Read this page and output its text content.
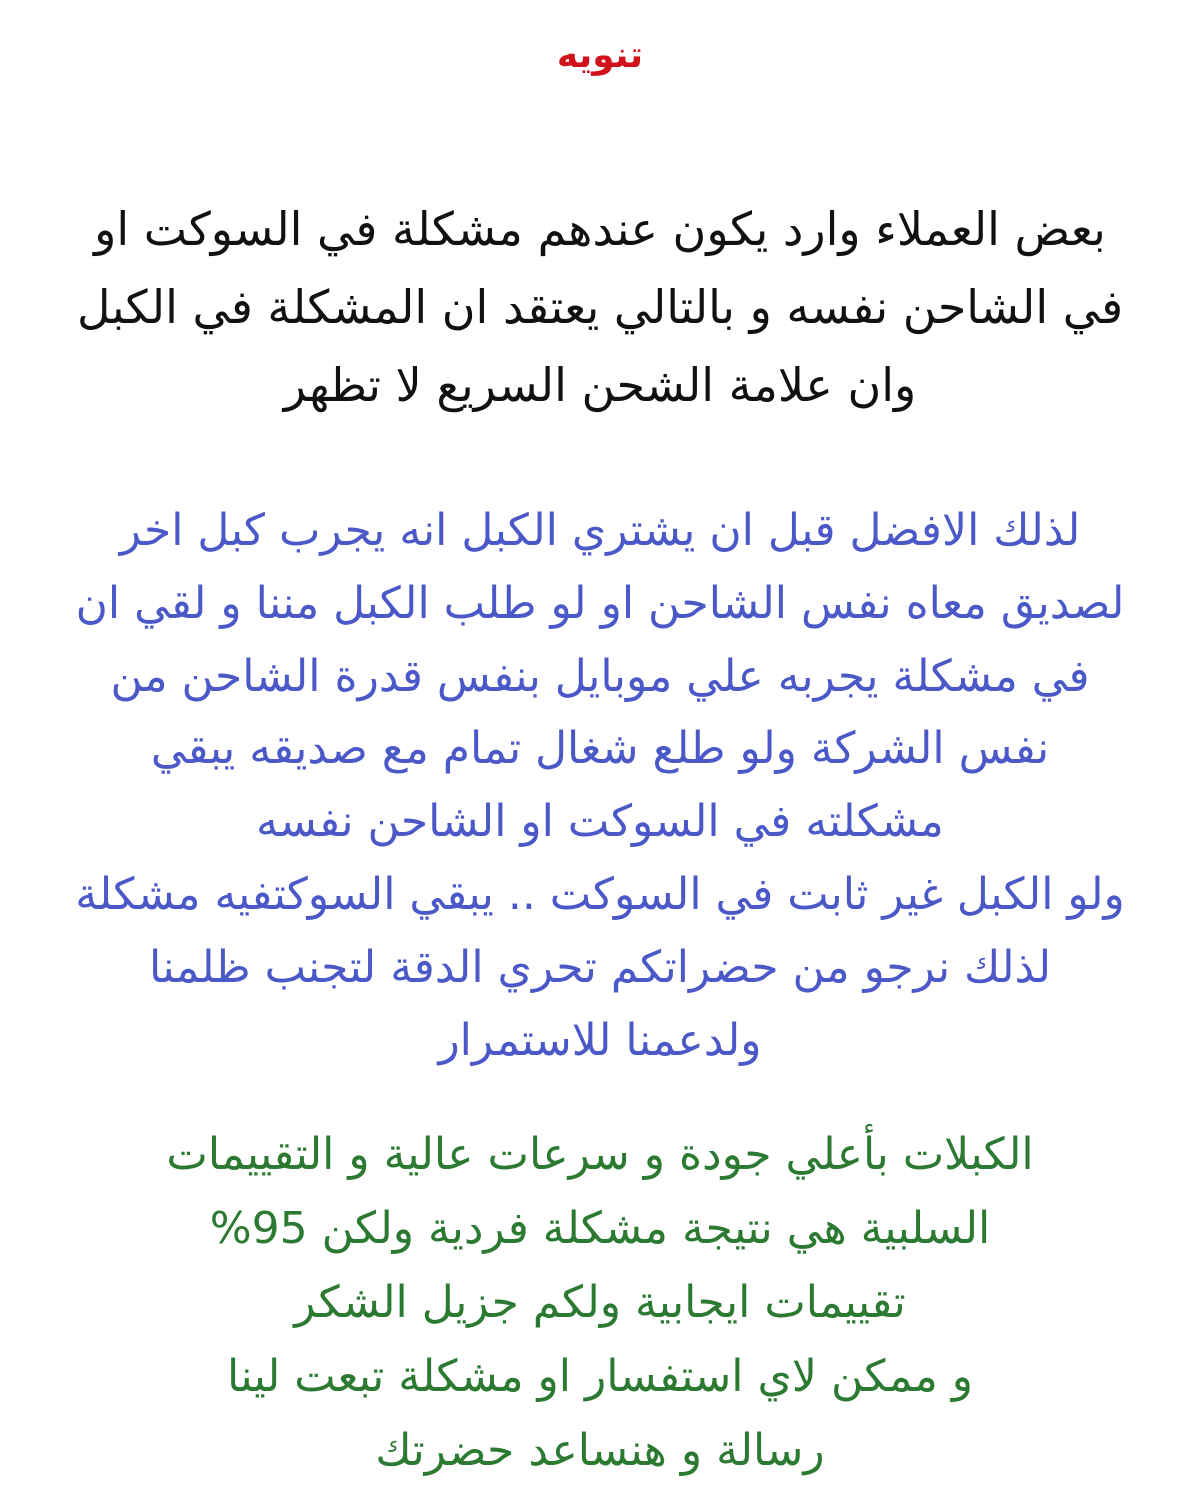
تنويه
بعض العملاء وارد يكون عندهم مشكلة في السوكت او
في الشاحن نفسه و بالتالي يعتقد ان المشكلة في الكبل
وان علامة الشحن السريع لا تظهر
لذلك الافضل قبل ان يشتري الكبل انه يجرب كبل اخر
لصديق معاه نفس الشاحن او لو طلب الكبل مننا و لقي ان
في مشكلة يجربه علي موبايل بنفس قدرة الشاحن من
نفس الشركة ولو طلع شغال تمام مع صديقه يبقي
مشكلته في السوكت او الشاحن نفسه
ولو الكبل غير ثابت في السوكت .. يبقي السوكتفيه مشكلة
لذلك نرجو من حضراتكم تحري الدقة لتجنب ظلمنا
ولدعمنا للاستمرار
الكبلات بأعلي جودة و سرعات عالية و التقييمات
السلبية هي نتيجة مشكلة فردية ولكن 95%
تقييمات ايجابية ولكم جزيل الشكر
و ممكن لاي استفسار او مشكلة تبعت لينا
رسالة و هنساعد حضرتك
